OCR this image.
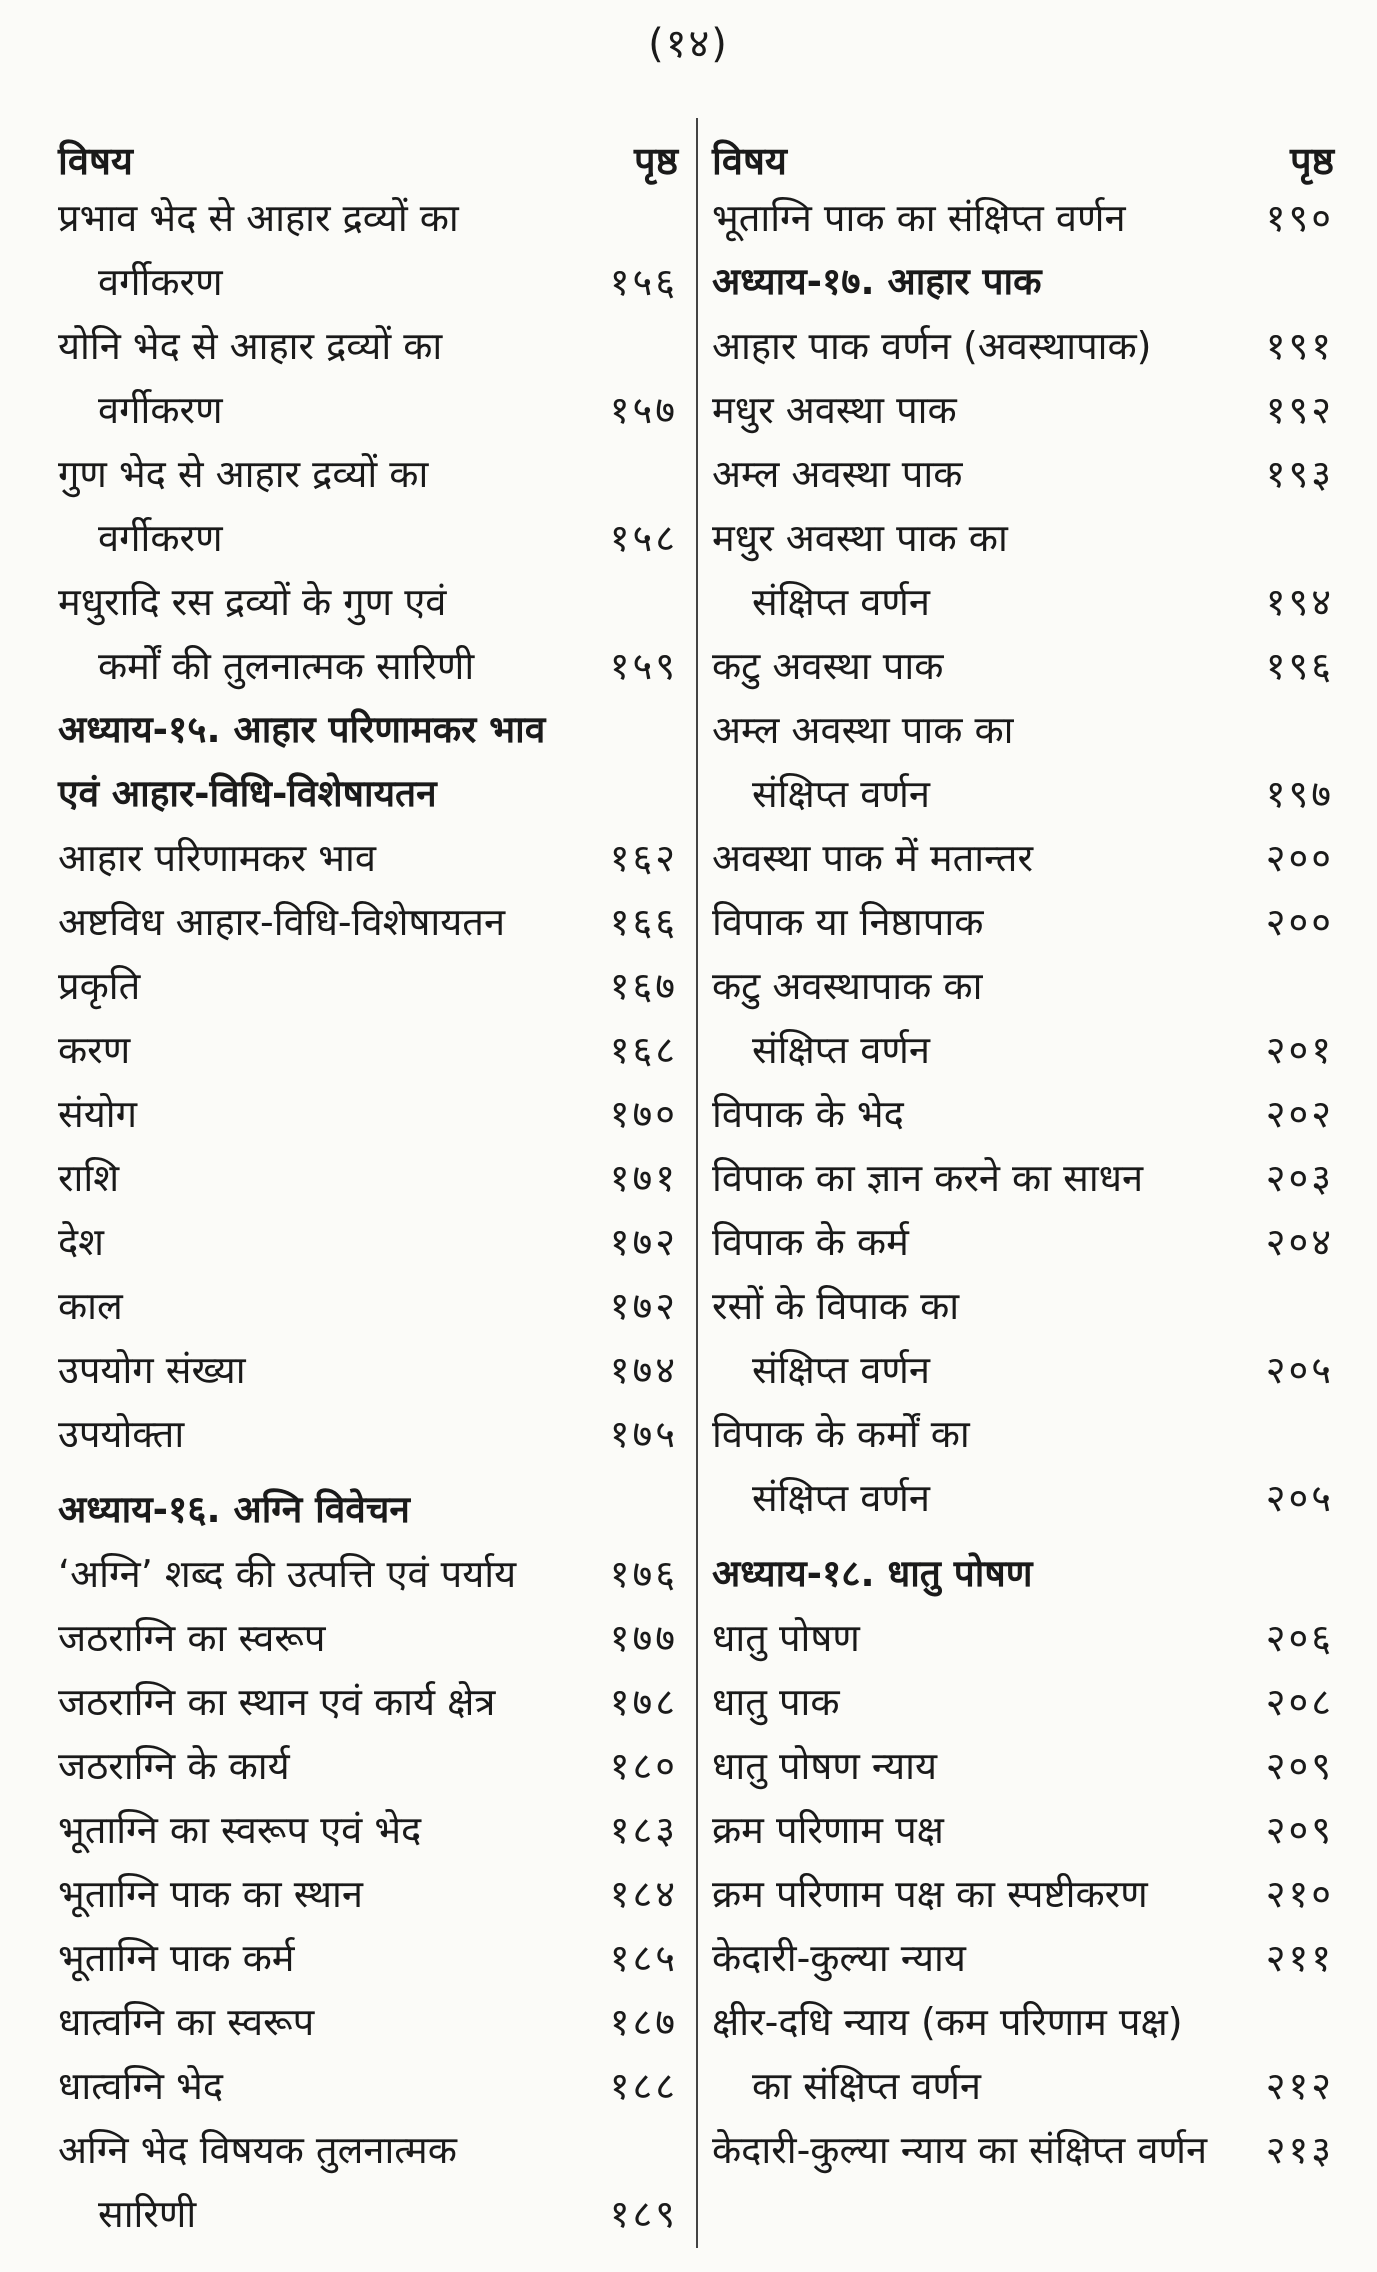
(१४)
विषय	पृष्ठ
प्रभाव भेद से आहार द्रव्यों का
वर्गीकरण	१५६
योनि भेद से आहार द्रव्यों का
वर्गीकरण	१५७
गुण भेद से आहार द्रव्यों का
वर्गीकरण	१५८
मधुरादि रस द्रव्यों के गुण एवं
कर्मों की तुलनात्मक सारिणी	१५९
अध्याय-१५. आहार परिणामकर भाव
एवं आहार-विधि-विशेषायतन
आहार परिणामकर भाव	१६२
अष्टविध आहार-विधि-विशेषायतन	१६६
प्रकृति	१६७
करण	१६८
संयोग	१७०
राशि	१७१
देश	१७२
काल	१७२
उपयोग संख्या	१७४
उपयोक्ता	१७५
अध्याय-१६. अग्नि विवेचन
‘अग्नि’ शब्द की उत्पत्ति एवं पर्याय	१७६
जठराग्नि का स्वरूप	१७७
जठराग्नि का स्थान एवं कार्य क्षेत्र	१७८
जठराग्नि के कार्य	१८०
भूताग्नि का स्वरूप एवं भेद	१८३
भूताग्नि पाक का स्थान	१८४
भूताग्नि पाक कर्म	१८५
धात्वग्नि का स्वरूप	१८७
धात्वग्नि भेद	१८८
अग्नि भेद विषयक तुलनात्मक
सारिणी	१८९
विषय	पृष्ठ
भूताग्नि पाक का संक्षिप्त वर्णन	१९०
अध्याय-१७. आहार पाक
आहार पाक वर्णन (अवस्थापाक)	१९१
मधुर अवस्था पाक	१९२
अम्ल अवस्था पाक	१९३
मधुर अवस्था पाक का
संक्षिप्त वर्णन	१९४
कटु अवस्था पाक	१९६
अम्ल अवस्था पाक का
संक्षिप्त वर्णन	१९७
अवस्था पाक में मतान्तर	२००
विपाक या निष्ठापाक	२००
कटु अवस्थापाक का
संक्षिप्त वर्णन	२०१
विपाक के भेद	२०२
विपाक का ज्ञान करने का साधन	२०३
विपाक के कर्म	२०४
रसों के विपाक का
संक्षिप्त वर्णन	२०५
विपाक के कर्मों का
संक्षिप्त वर्णन	२०५
अध्याय-१८. धातु पोषण
धातु पोषण	२०६
धातु पाक	२०८
धातु पोषण न्याय	२०९
क्रम परिणाम पक्ष	२०९
क्रम परिणाम पक्ष का स्पष्टीकरण	२१०
केदारी-कुल्या न्याय	२११
क्षीर-दधि न्याय (कम परिणाम पक्ष)
का संक्षिप्त वर्णन	२१२
केदारी-कुल्या न्याय का संक्षिप्त वर्णन	२१३
